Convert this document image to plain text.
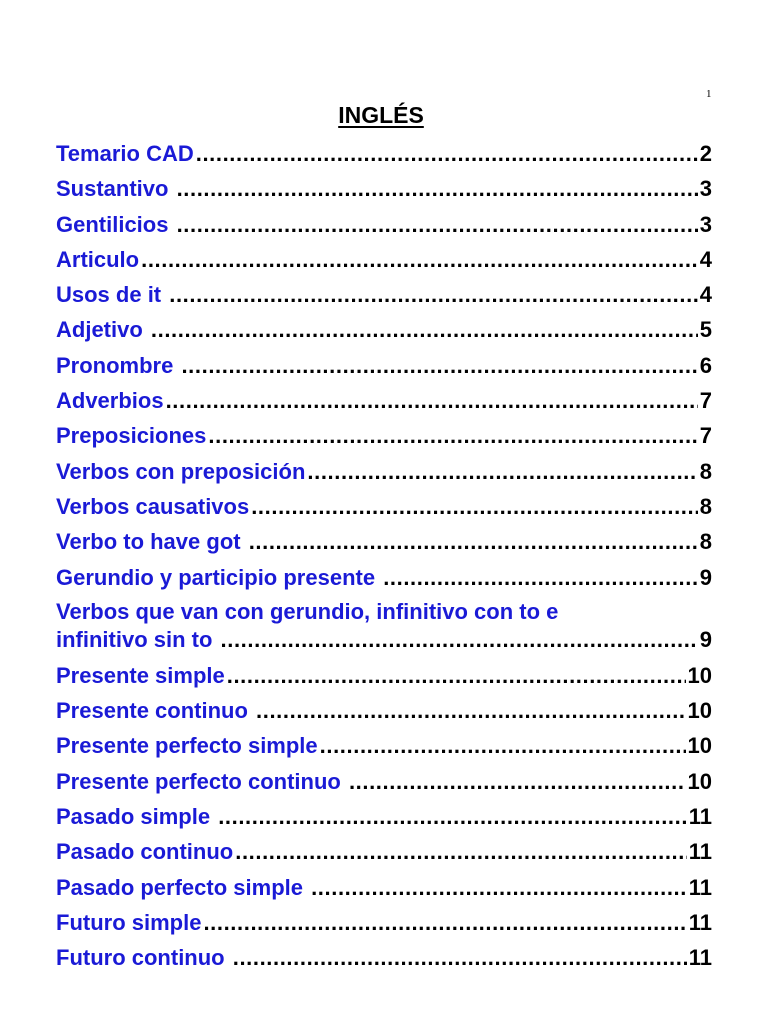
1
INGLÉS
Temario CAD .....	2
Sustantivo .....	3
Gentilicios .....	3
Articulo .....	4
Usos de it .....	4
Adjetivo .....	5
Pronombre .....	6
Adverbios .....	7
Preposiciones .....	7
Verbos con preposición .....	8
Verbos causativos .....	8
Verbo to have got .....	8
Gerundio y participio presente .....	9
Verbos que van con gerundio, infinitivo con to e
infinitivo sin to .....	9
Presente simple .....	10
Presente continuo .....	10
Presente perfecto simple .....	10
Presente perfecto continuo .....	10
Pasado simple .....	11
Pasado continuo .....	11
Pasado perfecto simple .....	11
Futuro simple .....	11
Futuro continuo .....	11
